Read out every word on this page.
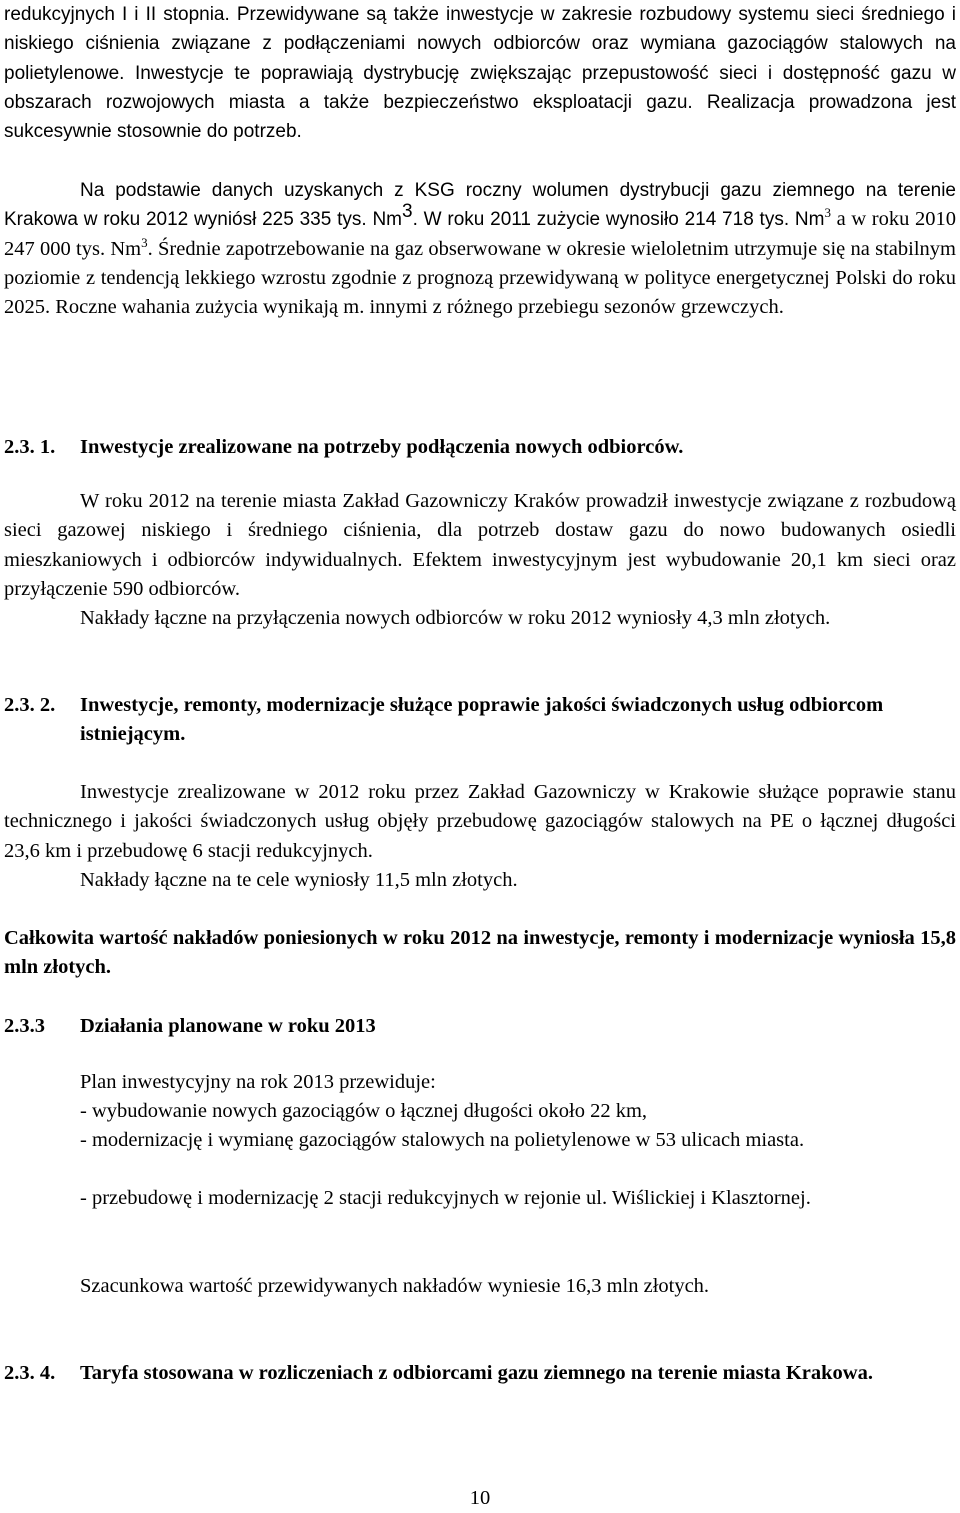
redukcyjnych I i II stopnia. Przewidywane są także inwestycje w zakresie rozbudowy systemu sieci średniego i niskiego ciśnienia związane z podłączeniami nowych odbiorców oraz wymiana gazociągów stalowych na polietylenowe. Inwestycje te poprawiają dystrybucję zwiększając przepustowość sieci i dostępność gazu w obszarach rozwojowych miasta a także bezpieczeństwo eksploatacji gazu. Realizacja prowadzona jest sukcesywnie stosownie do potrzeb.

Na podstawie danych uzyskanych z KSG roczny wolumen dystrybucji gazu ziemnego na terenie Krakowa w roku 2012 wyniósł 225 335 tys. Nm$^3$. W roku 2011 zużycie wynosiło 214 718 tys. Nm$^3$ a w roku 2010 247 000 tys. Nm$^3$. Średnie zapotrzebowanie na gaz obserwowane w okresie wieloletnim utrzymuje się na stabilnym poziomie z tendencją lekkiego wzrostu zgodnie z prognozą przewidywaną w polityce energetycznej Polski do roku 2025. Roczne wahania zużycia wynikają m. innymi z różnego przebiegu sezonów grzewczych.

2.3. 1. Inwestycje zrealizowane na potrzeby podłączenia nowych odbiorców.

W roku 2012 na terenie miasta Zakład Gazowniczy Kraków prowadził inwestycje związane z rozbudową sieci gazowej niskiego i średniego ciśnienia, dla potrzeb dostaw gazu do nowo budowanych osiedli mieszkaniowych i odbiorców indywidualnych. Efektem inwestycyjnym jest wybudowanie 20,1 km sieci oraz przyłączenie 590 odbiorców.

Nakłady łączne na przyłączenia nowych odbiorców w roku 2012 wyniosły 4,3 mln złotych.

2.3. 2. Inwestycje, remonty, modernizacje służące poprawie jakości świadczonych usług odbiorcom istniejącym.

Inwestycje zrealizowane w 2012 roku przez Zakład Gazowniczy w Krakowie służące poprawie stanu technicznego i jakości świadczonych usług objęły przebudowę gazociągów stalowych na PE o łącznej długości 23,6 km i przebudowę 6 stacji redukcyjnych.

Nakłady łączne na te cele wyniosły 11,5 mln złotych.

Całkowita wartość nakładów poniesionych w roku 2012 na inwestycje, remonty i modernizacje wyniosła 15,8 mln złotych.

2.3.3 Działania planowane w roku 2013

Plan inwestycyjny na rok 2013 przewiduje:

- wybudowanie nowych gazociągów o łącznej długości około 22 km,

- modernizację i wymianę gazociągów stalowych na polietylenowe w 53 ulicach miasta.

- przebudowę i modernizację 2 stacji redukcyjnych w rejonie ul. Wiślickiej i Klasztornej.

Szacunkowa wartość przewidywanych nakładów wyniesie 16,3 mln złotych.

2.3. 4. Taryfa stosowana w rozliczeniach z odbiorcami gazu ziemnego na terenie miasta Krakowa.
10
